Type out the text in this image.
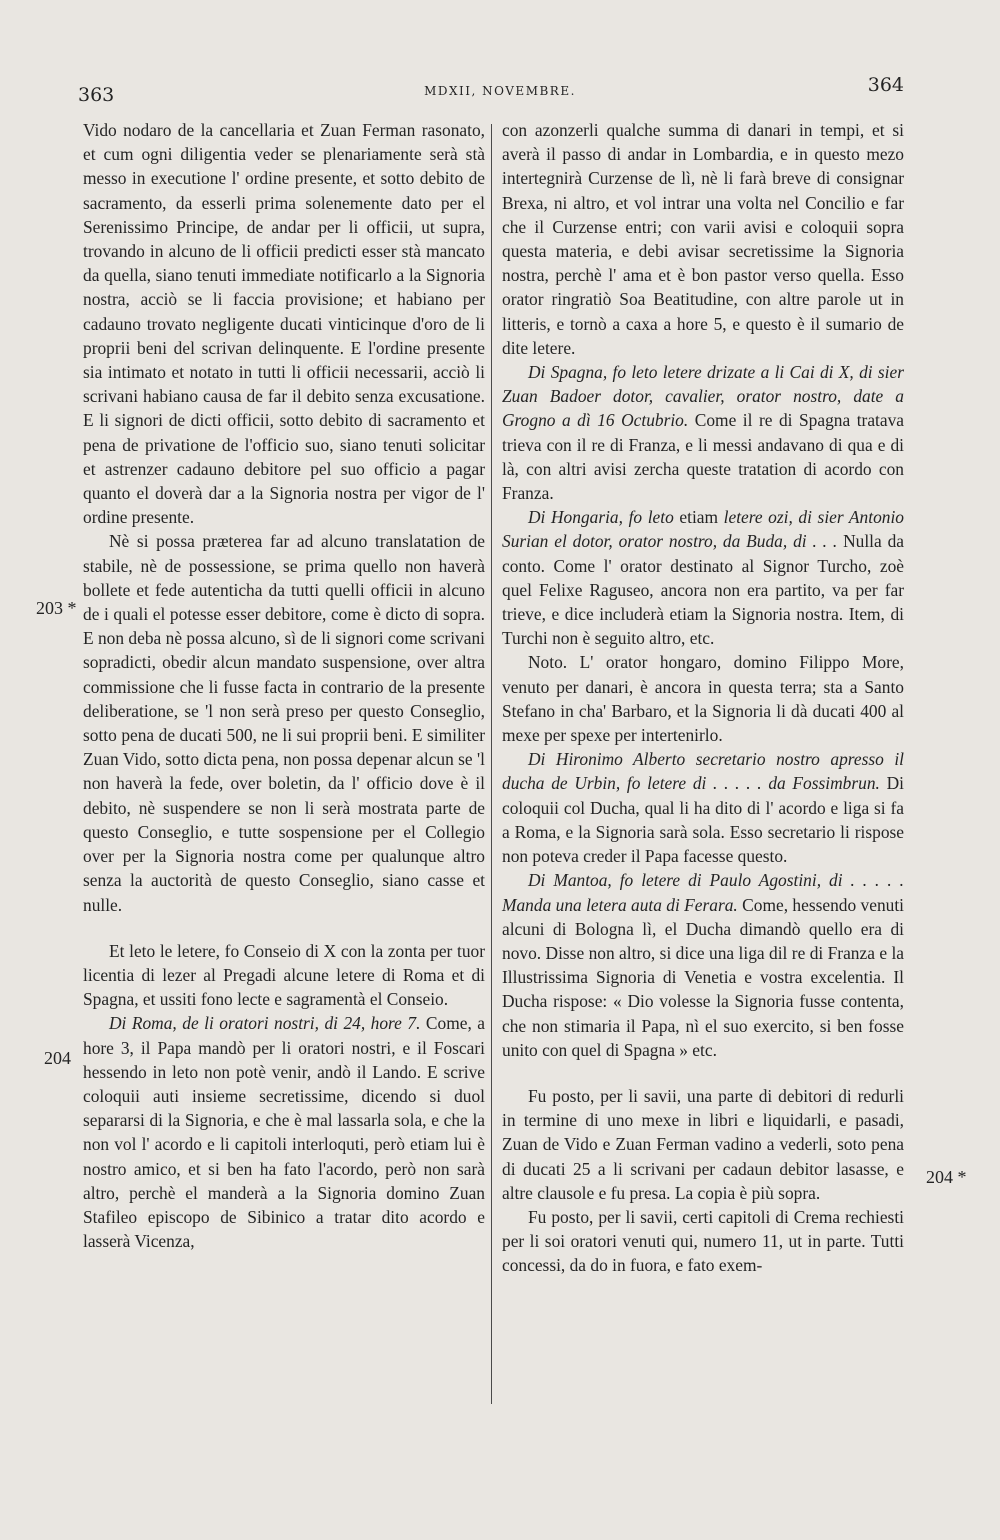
363	MDXII, NOVEMBRE.	364
203 *
204
204 *

Vido nodaro de la cancellaria et Zuan Ferman rasonato, et cum ogni diligentia veder se plenariamente serà stà messo in executione l' ordine presente, et sotto debito de sacramento, da esserli prima solenemente dato per el Serenissimo Principe, de andar per li officii, ut supra, trovando in alcuno de li officii predicti esser stà mancato da quella, siano tenuti immediate notificarlo a la Signoria nostra, acciò se li faccia provisione; et habiano per cadauno trovato negligente ducati vinticinque d'oro de li proprii beni del scrivan delinquente. E l'ordine presente sia intimato et notato in tutti li officii necessarii, acciò li scrivani habiano causa de far il debito senza excusatione. E li signori de dicti officii, sotto debito di sacramento et pena de privatione de l'officio suo, siano tenuti solicitar et astrenzer cadauno debitore pel suo officio a pagar quanto el doverà dar a la Signoria nostra per vigor de l' ordine presente.

Nè si possa præterea far ad alcuno translatation de stabile, nè de possessione, se prima quello non haverà bollete et fede autenticha da tutti quelli officii in alcuno de i quali el potesse esser debitore, come è dicto di sopra. E non deba nè possa alcuno, sì de li signori come scrivani sopradicti, obedir alcun mandato suspensione, over altra commissione che li fusse facta in contrario de la presente deliberatione, se 'l non serà preso per questo Conseglio, sotto pena de ducati 500, ne li sui proprii beni. E similiter Zuan Vido, sotto dicta pena, non possa depenar alcun se 'l non haverà la fede, over boletin, da l' officio dove è il debito, nè suspendere se non li serà mostrata parte de questo Conseglio, e tutte sospensione per el Collegio over per la Signoria nostra come per qualunque altro senza la auctorità de questo Conseglio, siano casse et nulle.

Et leto le letere, fo Conseio di X con la zonta per tuor licentia di lezer al Pregadi alcune letere di Roma et di Spagna, et ussiti fono lecte e sagramentà el Conseio.

Di Roma, de li oratori nostri, di 24, hore 7. Come, a hore 3, il Papa mandò per li oratori nostri, e il Foscari hessendo in leto non potè venir, andò il Lando. E scrive coloquii auti insieme secretissime, dicendo si duol separarsi di la Signoria, e che è mal lassarla sola, e che la non vol l' acordo e li capitoli interloquti, però etiam lui è nostro amico, et si ben ha fato l'acordo, però non sarà altro, perchè el manderà a la Signoria domino Zuan Stafileo episcopo de Sibinico a tratar dito acordo e lasserà Vicenza,

con azonzerli qualche summa di danari in tempi, et si averà il passo di andar in Lombardia, e in questo mezo intertegnirà Curzense de lì, nè li farà breve di consignar Brexa, ni altro, et vol intrar una volta nel Concilio e far che il Curzense entri; con varii avisi e coloquii sopra questa materia, e debi avisar secretissime la Signoria nostra, perchè l' ama et è bon pastor verso quella. Esso orator ringratiò Soa Beatitudine, con altre parole ut in litteris, e tornò a caxa a hore 5, e questo è il sumario de dite letere.

Di Spagna, fo leto letere drizate a li Cai di X, di sier Zuan Badoer dotor, cavalier, orator nostro, date a Grogno a dì 16 Octubrio. Come il re di Spagna tratava trieva con il re di Franza, e li messi andavano di qua e di là, con altri avisi zercha queste tratation di acordo con Franza.

Di Hongaria, fo leto etiam letere ozi, di sier Antonio Surian el dotor, orator nostro, da Buda, di . . . Nulla da conto. Come l' orator destinato al Signor Turcho, zoè quel Felixe Raguseo, ancora non era partito, va per far trieve, e dice includerà etiam la Signoria nostra. Item, di Turchi non è seguito altro, etc.

Noto. L' orator hongaro, domino Filippo More, venuto per danari, è ancora in questa terra; sta a Santo Stefano in cha' Barbaro, et la Signoria li dà ducati 400 al mexe per spexe per intertenirlo.

Di Hironimo Alberto secretario nostro apresso il ducha de Urbin, fo letere di . . . . . da Fossimbrun. Di coloquii col Ducha, qual li ha dito di l' acordo e liga si fa a Roma, e la Signoria sarà sola. Esso secretario li rispose non poteva creder il Papa facesse questo.

Di Mantoa, fo letere di Paulo Agostini, di . . . . . Manda una letera auta di Ferara. Come, hessendo venuti alcuni di Bologna lì, el Ducha dimandò quello era di novo. Disse non altro, si dice una liga dil re di Franza e la Illustrissima Signoria di Venetia e vostra excelentia. Il Ducha rispose: « Dio volesse la Signoria fusse contenta, che non stimaria il Papa, nì el suo exercito, si ben fosse unito con quel di Spagna » etc.

Fu posto, per li savii, una parte di debitori di redurli in termine di uno mexe in libri e liquidarli, e pasadi, Zuan de Vido e Zuan Ferman vadino a vederli, soto pena di ducati 25 a li scrivani per cadaun debitor lasasse, e altre clausole e fu presa. La copia è più sopra.

Fu posto, per li savii, certi capitoli di Crema rechiesti per li soi oratori venuti qui, numero 11, ut in parte. Tutti concessi, da do in fuora, e fato exem-
